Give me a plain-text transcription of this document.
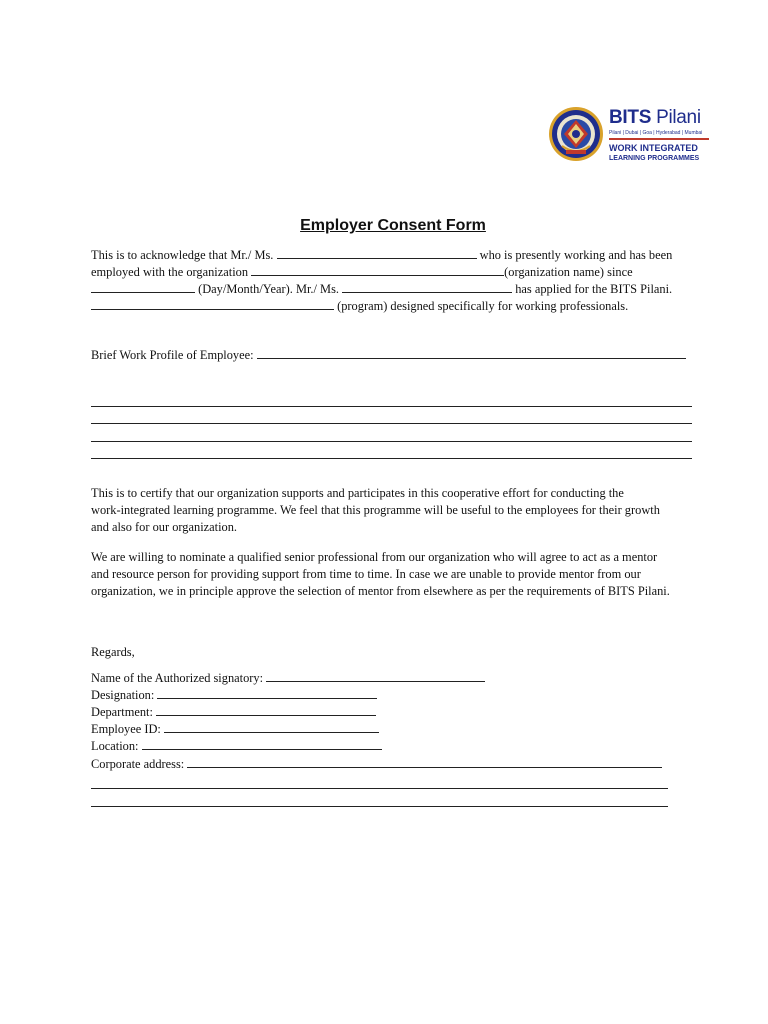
BITS Pilani
Pilani | Dubai | Goa | Hyderabad | Mumbai
WORK INTEGRATED
LEARNING PROGRAMMES
Employer Consent Form
This is to acknowledge that Mr./ Ms.	who is presently working and has been
employed with the organization	(organization name) since
(Day/Month/Year). Mr./ Ms.	has applied for the BITS Pilani.
(program) designed specifically for working professionals.
Brief Work Profile of Employee:
This is to certify that our organization supports and participates in this cooperative effort for conducting the
work-integrated learning programme. We feel that this programme will be useful to the employees for their growth
and also for our organization.
We are willing to nominate a qualified senior professional from our organization who will agree to act as a mentor
and resource person for providing support from time to time. In case we are unable to provide mentor from our
organization, we in principle approve the selection of mentor from elsewhere as per the requirements of BITS Pilani.
Regards,
Name of the Authorized signatory:
Designation:
Department:
Employee ID:
Location:
Corporate address:
